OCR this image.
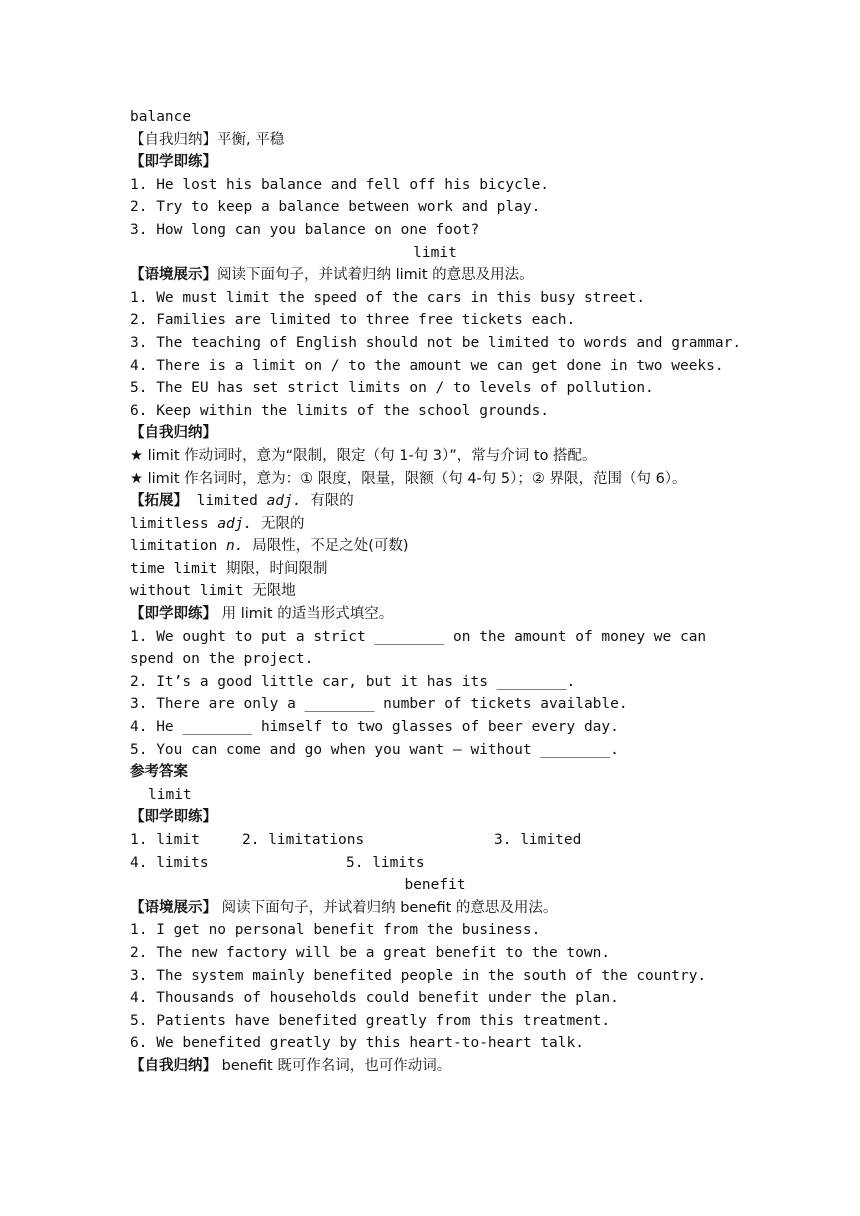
balance
【自我归纳】平衡, 平稳
【即学即练】
1. He lost his balance and fell off his bicycle.
2. Try to keep a balance between work and play.
3. How long can you balance on one foot?
limit
【语境展示】阅读下面句子，并试着归纳 limit 的意思及用法。
1. We must limit the speed of the cars in this busy street.
2. Families are limited to three free tickets each.
3. The teaching of English should not be limited to words and grammar.
4. There is a limit on / to the amount we can get done in two weeks.
5. The EU has set strict limits on / to levels of pollution.
6. Keep within the limits of the school grounds.
【自我归纳】
★ limit 作动词时，意为“限制，限定（句 1-句 3）”，常与介词 to 搭配。
★ limit 作名词时，意为：① 限度，限量，限额（句 4-句 5）；② 界限，范围（句 6）。
【拓展】 limited adj. 有限的
limitless adj. 无限的
limitation n. 局限性，不足之处(可数)
time limit 期限，时间限制
without limit 无限地
【即学即练】 用 limit 的适当形式填空。
1. We ought to put a strict ________ on the amount of money we can spend on the project.
2. It’s a good little car, but it has its ________.
3. There are only a ________ number of tickets available.
4. He ________ himself to two glasses of beer every day.
5. You can come and go when you want — without ________.
参考答案
limit
【即学即练】
1. limit	2. limitations	3. limited
4. limits	5. limits
benefit
【语境展示】 阅读下面句子，并试着归纳 benefit 的意思及用法。
1. I get no personal benefit from the business.
2. The new factory will be a great benefit to the town.
3. The system mainly benefited people in the south of the country.
4. Thousands of households could benefit under the plan.
5. Patients have benefited greatly from this treatment.
6. We benefited greatly by this heart-to-heart talk.
【自我归纳】 benefit 既可作名词，也可作动词。
